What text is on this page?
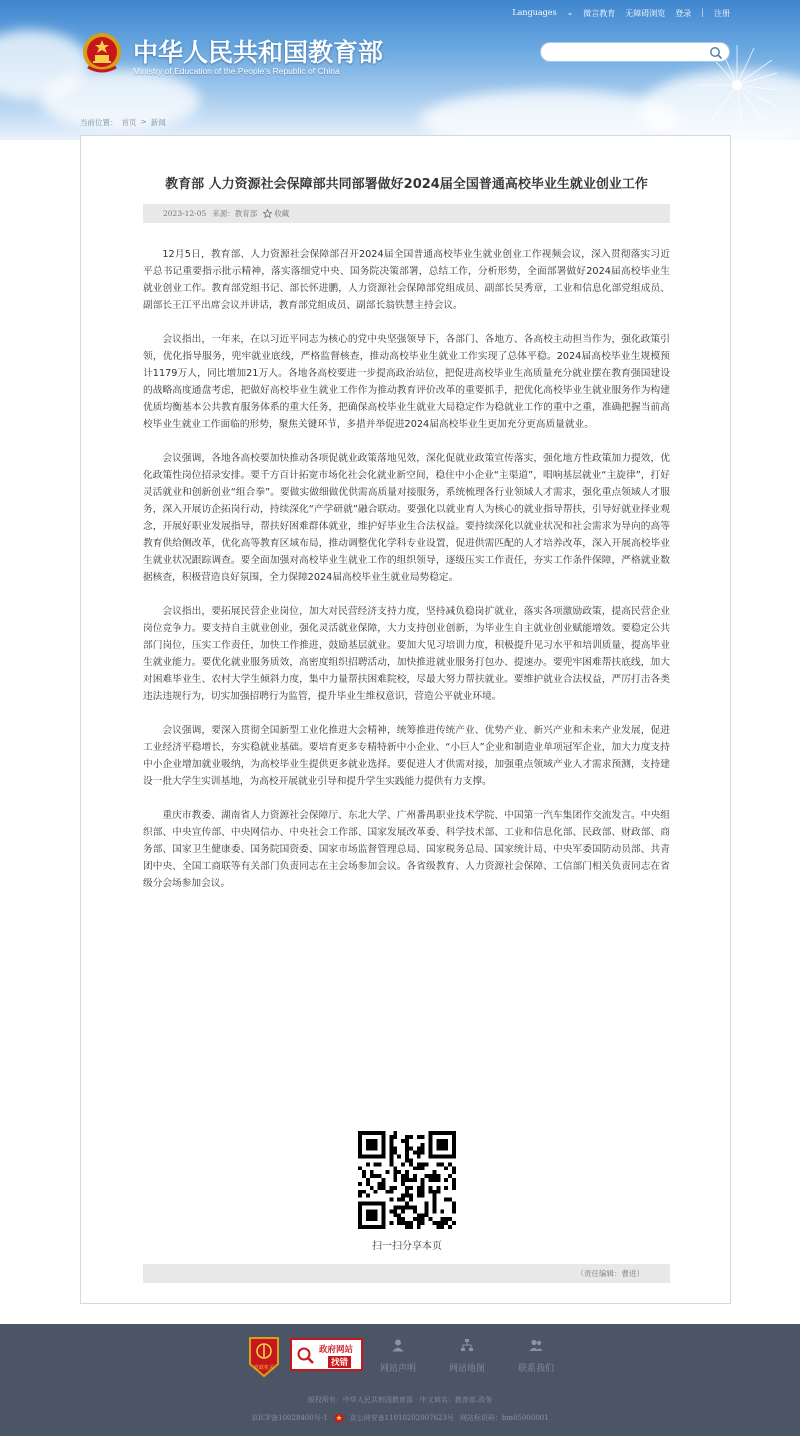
Languages ⌄ 微言教育 无障碍浏览 登录 | 注册
中华人民共和国教育部
Ministry of Education of the People's Republic of China
当前位置： 首页 > 新闻
教育部 人力资源社会保障部共同部署做好2024届全国普通高校毕业生就业创业工作
2023-12-05 来源：教育部 收藏

12月5日，教育部、人力资源社会保障部召开2024届全国普通高校毕业生就业创业工作视频会议，深入贯彻落实习近平总书记重要指示批示精神，落实落细党中央、国务院决策部署，总结工作，分析形势，全面部署做好2024届高校毕业生就业创业工作。教育部党组书记、部长怀进鹏，人力资源社会保障部党组成员、副部长吴秀章，工业和信息化部党组成员、副部长王江平出席会议并讲话，教育部党组成员、副部长翁铁慧主持会议。

会议指出，一年来，在以习近平同志为核心的党中央坚强领导下，各部门、各地方、各高校主动担当作为，强化政策引领，优化指导服务，兜牢就业底线，严格监督核查，推动高校毕业生就业工作实现了总体平稳。2024届高校毕业生规模预计1179万人，同比增加21万人。各地各高校要进一步提高政治站位，把促进高校毕业生高质量充分就业摆在教育强国建设的战略高度通盘考虑，把做好高校毕业生就业工作作为推动教育评价改革的重要抓手，把优化高校毕业生就业服务作为构建优质均衡基本公共教育服务体系的重大任务，把确保高校毕业生就业大局稳定作为稳就业工作的重中之重，准确把握当前高校毕业生就业工作面临的形势，聚焦关键环节，多措并举促进2024届高校毕业生更加充分更高质量就业。

会议强调，各地各高校要加快推动各项促就业政策落地见效，深化促就业政策宣传落实，强化地方性政策加力提效，优化政策性岗位招录安排。要千方百计拓宽市场化社会化就业新空间，稳住中小企业“主渠道”，唱响基层就业“主旋律”，打好灵活就业和创新创业“组合拳”。要做实做细做优供需高质量对接服务，系统梳理各行业领域人才需求，强化重点领域人才服务，深入开展访企拓岗行动，持续深化“产学研就”融合联动。要强化以就业育人为核心的就业指导帮扶，引导好就业择业观念，开展好职业发展指导，帮扶好困难群体就业，维护好毕业生合法权益。要持续深化以就业状况和社会需求为导向的高等教育供给侧改革，优化高等教育区域布局，推动调整优化学科专业设置，促进供需匹配的人才培养改革，深入开展高校毕业生就业状况跟踪调查。要全面加强对高校毕业生就业工作的组织领导，逐级压实工作责任，夯实工作条件保障，严格就业数据核查，积极营造良好氛围，全力保障2024届高校毕业生就业局势稳定。

会议指出，要拓展民营企业岗位，加大对民营经济支持力度，坚持减负稳岗扩就业，落实各项激励政策，提高民营企业岗位竞争力。要支持自主就业创业，强化灵活就业保障，大力支持创业创新，为毕业生自主就业创业赋能增效。要稳定公共部门岗位，压实工作责任，加快工作推进，鼓励基层就业。要加大见习培训力度，积极提升见习水平和培训质量，提高毕业生就业能力。要优化就业服务质效，高密度组织招聘活动，加快推进就业服务打包办、提速办。要兜牢困难帮扶底线，加大对困难毕业生、农村大学生倾斜力度，集中力量帮扶困难院校，尽最大努力帮扶就业。要维护就业合法权益，严厉打击各类违法违规行为，切实加强招聘行为监管，提升毕业生维权意识，营造公平就业环境。

会议强调，要深入贯彻全国新型工业化推进大会精神，统筹推进传统产业、优势产业、新兴产业和未来产业发展，促进工业经济平稳增长，夯实稳就业基础。要培育更多专精特新中小企业、“小巨人”企业和制造业单项冠军企业，加大力度支持中小企业增加就业吸纳，为高校毕业生提供更多就业选择。要促进人才供需对接，加强重点领域产业人才需求预测，支持建设一批大学生实训基地，为高校开展就业引导和提升学生实践能力提供有力支撑。

重庆市教委、湖南省人力资源社会保障厅、东北大学、广州番禺职业技术学院、中国第一汽车集团作交流发言。中央组织部、中央宣传部、中央网信办、中央社会工作部、国家发展改革委、科学技术部、工业和信息化部、民政部、财政部、商务部、国家卫生健康委、国务院国资委、国家市场监督管理总局、国家税务总局、国家统计局、中央军委国防动员部、共青团中央、全国工商联等有关部门负责同志在主会场参加会议。各省级教育、人力资源社会保障、工信部门相关负责同志在省级分会场参加会议。

扫一扫分享本页
（责任编辑：曹进）
党政机关
政府网站
找错
网站声明	网站地图	联系我们
版权所有：中华人民共和国教育部　中文域名：教育部.政务
京ICP备10028400号-1	京公网安备11010202007623号 网站标识码：bm05000001
